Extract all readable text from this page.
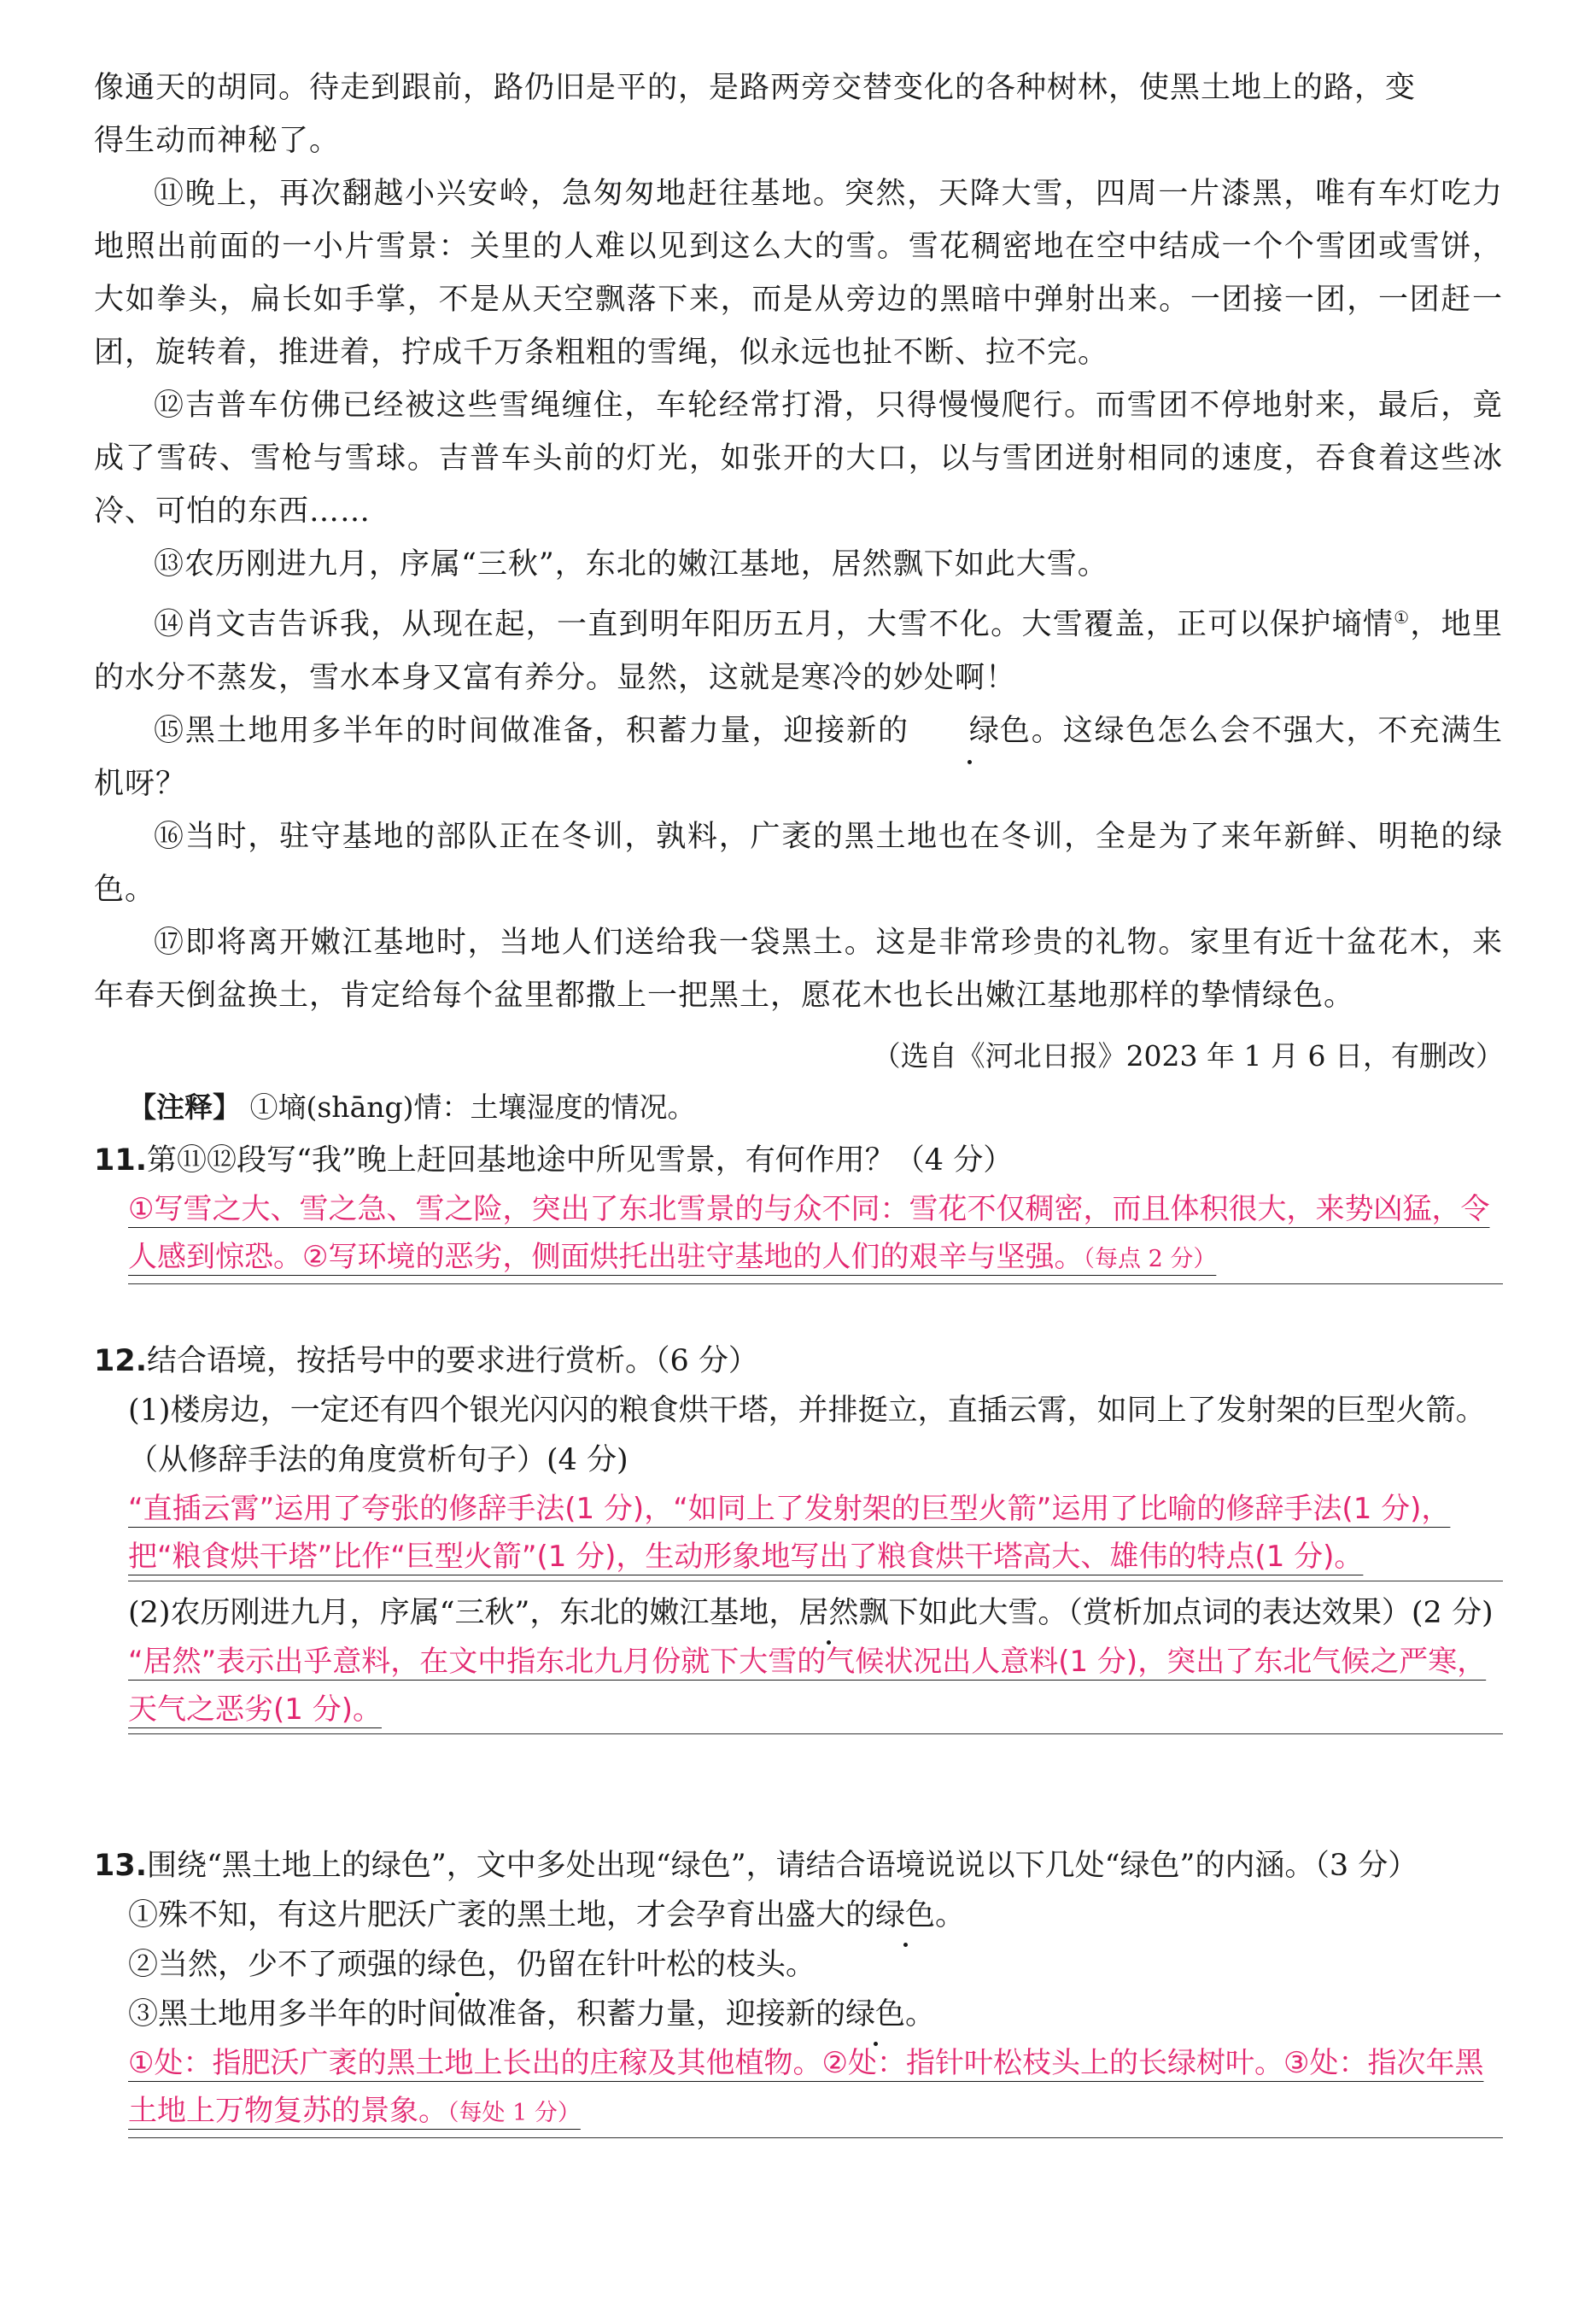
像通天的胡同。待走到跟前，路仍旧是平的，是路两旁交替变化的各种树林，使黑土地上的路，变

得生动而神秘了。

⑪晚上，再次翻越小兴安岭，急匆匆地赶往基地。突然，天降大雪，四周一片漆黑，唯有车灯吃力地照出前面的一小片雪景：关里的人难以见到这么大的雪。雪花稠密地在空中结成一个个雪团或雪饼，大如拳头，扁长如手掌，不是从天空飘落下来，而是从旁边的黑暗中弹射出来。一团接一团，一团赶一团，旋转着，推进着，拧成千万条粗粗的雪绳，似永远也扯不断、拉不完。

⑫吉普车仿佛已经被这些雪绳缠住，车轮经常打滑，只得慢慢爬行。而雪团不停地射来，最后，竟成了雪砖、雪枪与雪球。吉普车头前的灯光，如张开的大口，以与雪团迸射相同的速度，吞食着这些冰冷、可怕的东西……

⑬农历刚进九月，序属“三秋”，东北的嫩江基地，居然飘下如此大雪。

⑭肖文吉告诉我，从现在起，一直到明年阳历五月，大雪不化。大雪覆盖，正可以保护墒情①，地里的水分不蒸发，雪水本身又富有养分。显然，这就是寒冷的妙处啊！

⑮黑土地用多半年的时间做准备，积蓄力量，迎接新的 绿色。这绿色怎么会不强大，不充满生机呀？

⑯当时，驻守基地的部队正在冬训，孰料，广袤的黑土地也在冬训，全是为了来年新鲜、明艳的绿色。

⑰即将离开嫩江基地时，当地人们送给我一袋黑土。这是非常珍贵的礼物。家里有近十盆花木，来年春天倒盆换土，肯定给每个盆里都撒上一把黑土，愿花木也长出嫩江基地那样的挚情绿色。

（选自《河北日报》2023 年 1 月 6 日，有删改）
【注释】 ①墒(shāng)情：土壤湿度的情况。
11.第⑪⑫段写“我”晚上赶回基地途中所见雪景，有何作用？（4 分）
①写雪之大、雪之急、雪之险，突出了东北雪景的与众不同：雪花不仅稠密，而且体积很大，来势凶猛，令人感到惊恐。②写环境的恶劣，侧面烘托出驻守基地的人们的艰辛与坚强。（每点 2 分）
12.结合语境，按括号中的要求进行赏析。（6 分）
(1)楼房边，一定还有四个银光闪闪的粮食烘干塔，并排挺立，直插云霄，如同上了发射架的巨型火箭。（从修辞手法的角度赏析句子）(4 分)
“直插云霄”运用了夸张的修辞手法(1 分)，“如同上了发射架的巨型火箭”运用了比喻的修辞手法(1 分)，把“粮食烘干塔”比作“巨型火箭”(1 分)，生动形象地写出了粮食烘干塔高大、雄伟的特点(1 分)。
(2)农历刚进九月，序属“三秋”，东北的嫩江基地，居然飘下如此大雪。（赏析加点词的表达效果）(2 分)
“居然”表示出乎意料，在文中指东北九月份就下大雪的气候状况出人意料(1 分)，突出了东北气候之严寒，天气之恶劣(1 分)。
13.围绕“黑土地上的绿色”，文中多处出现“绿色”，请结合语境说说以下几处“绿色”的内涵。（3 分）
①殊不知，有这片肥沃广袤的黑土地，才会孕育出盛大的绿色。
②当然，少不了顽强的绿色，仍留在针叶松的枝头。
③黑土地用多半年的时间做准备，积蓄力量，迎接新的绿色。
①处：指肥沃广袤的黑土地上长出的庄稼及其他植物。②处：指针叶松枝头上的长绿树叶。③处：指次年黑土地上万物复苏的景象。（每处 1 分）
